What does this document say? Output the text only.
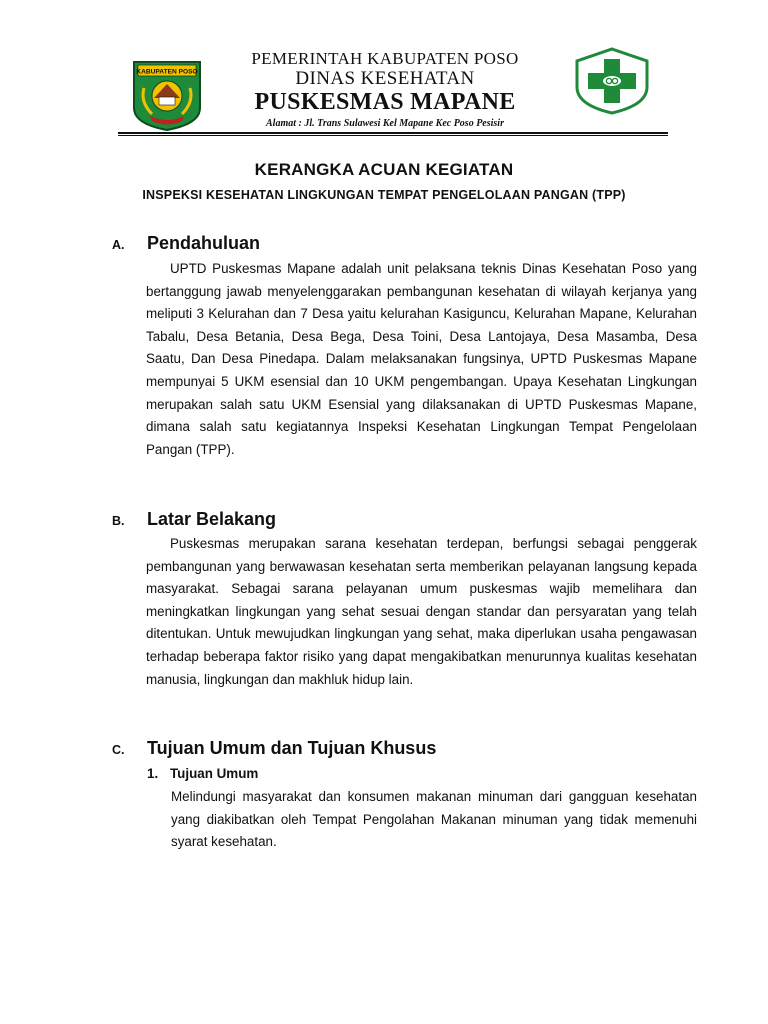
KABUPATEN POSO
PEMERINTAH KABUPATEN POSO
DINAS KESEHATAN
PUSKESMAS MAPANE
Alamat : Jl. Trans Sulawesi Kel Mapane Kec Poso Pesisir
KERANGKA ACUAN KEGIATAN
INSPEKSI KESEHATAN LINGKUNGAN TEMPAT PENGELOLAAN PANGAN (TPP)
A. Pendahuluan

UPTD Puskesmas Mapane adalah unit pelaksana teknis Dinas Kesehatan Poso yang bertanggung jawab menyelenggarakan pembangunan kesehatan di wilayah kerjanya yang meliputi 3 Kelurahan dan 7 Desa yaitu kelurahan Kasiguncu, Kelurahan Mapane, Kelurahan Tabalu, Desa Betania, Desa Bega, Desa Toini, Desa Lantojaya, Desa Masamba, Desa Saatu, Dan Desa Pinedapa. Dalam melaksanakan fungsinya, UPTD Puskesmas Mapane mempunyai 5 UKM esensial dan 10 UKM pengembangan. Upaya Kesehatan Lingkungan merupakan salah satu UKM Esensial yang dilaksanakan di UPTD Puskesmas Mapane, dimana salah satu kegiatannya Inspeksi Kesehatan Lingkungan Tempat Pengelolaan Pangan (TPP).

B. Latar Belakang

Puskesmas merupakan sarana kesehatan terdepan, berfungsi sebagai penggerak pembangunan yang berwawasan kesehatan serta memberikan pelayanan langsung kepada masyarakat. Sebagai sarana pelayanan umum puskesmas wajib memelihara dan meningkatkan lingkungan yang sehat sesuai dengan standar dan persyaratan yang telah ditentukan. Untuk mewujudkan lingkungan yang sehat, maka diperlukan usaha pengawasan terhadap beberapa faktor risiko yang dapat mengakibatkan menurunnya kualitas kesehatan manusia, lingkungan dan makhluk hidup lain.

C. Tujuan Umum dan Tujuan Khusus
1. Tujuan Umum

Melindungi masyarakat dan konsumen makanan minuman dari gangguan kesehatan yang diakibatkan oleh Tempat Pengolahan Makanan minuman yang tidak memenuhi syarat kesehatan.
